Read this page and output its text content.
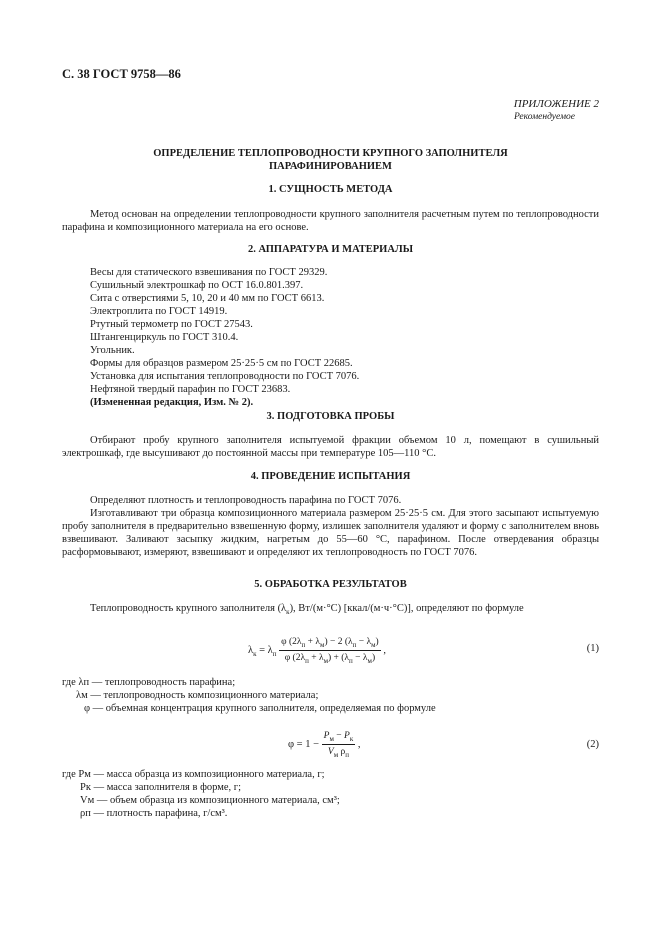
С. 38 ГОСТ 9758—86
ПРИЛОЖЕНИЕ 2
Рекомендуемое
ОПРЕДЕЛЕНИЕ ТЕПЛОПРОВОДНОСТИ КРУПНОГО ЗАПОЛНИТЕЛЯ
ПАРАФИНИРОВАНИЕМ
1. СУЩНОСТЬ МЕТОДА
Метод основан на определении теплопроводности крупного заполнителя расчетным путем по теплопроводности парафина и композиционного материала на его основе.
2. АППАРАТУРА И МАТЕРИАЛЫ
Весы для статического взвешивания по ГОСТ 29329.
Сушильный электрошкаф по ОСТ 16.0.801.397.
Сита с отверстиями 5, 10, 20 и 40 мм по ГОСТ 6613.
Электроплита по ГОСТ 14919.
Ртутный термометр по ГОСТ 27543.
Штангенциркуль по ГОСТ 310.4.
Угольник.
Формы для образцов размером 25·25·5 см по ГОСТ 22685.
Установка для испытания теплопроводности по ГОСТ 7076.
Нефтяной твердый парафин по ГОСТ 23683.
(Измененная редакция, Изм. № 2).
3. ПОДГОТОВКА ПРОБЫ
Отбирают пробу крупного заполнителя испытуемой фракции объемом 10 л, помещают в сушильный электрошкаф, где высушивают до постоянной массы при температуре 105—110 °С.
4. ПРОВЕДЕНИЕ ИСПЫТАНИЯ
Определяют плотность и теплопроводность парафина по ГОСТ 7076.
Изготавливают три образца композиционного материала размером 25·25·5 см. Для этого засыпают испытуемую пробу заполнителя в предварительно взвешенную форму, излишек заполнителя удаляют и форму с заполнителем вновь взвешивают. Заливают засыпку жидким, нагретым до 55—60 °С, парафином. После отвердевания образцы расформовывают, измеряют, взвешивают и определяют их теплопроводность по ГОСТ 7076.
5. ОБРАБОТКА РЕЗУЛЬТАТОВ
Теплопроводность крупного заполнителя $(\lambda_к)$, Вт/(м·°С) [ккал/(м·ч·°С)], определяют по формуле
$\lambda_к = \lambda_п \frac{\varphi (2\lambda_п + \lambda_м) - 2 (\lambda_п - \lambda_м)}{\varphi (2\lambda_п + \lambda_м) + (\lambda_п - \lambda_м)}$ ,	(1)
где λп — теплопроводность парафина;
λм — теплопроводность композиционного материала;
φ — объемная концентрация крупного заполнителя, определяемая по формуле
$\varphi = 1 - \frac{P_м - P_к}{V_м \rho_п}$ ,	(2)
где Pм — масса образца из композиционного материала, г;
Pк — масса заполнителя в форме, г;
Vм — объем образца из композиционного материала, см³;
ρп — плотность парафина, г/см³.
